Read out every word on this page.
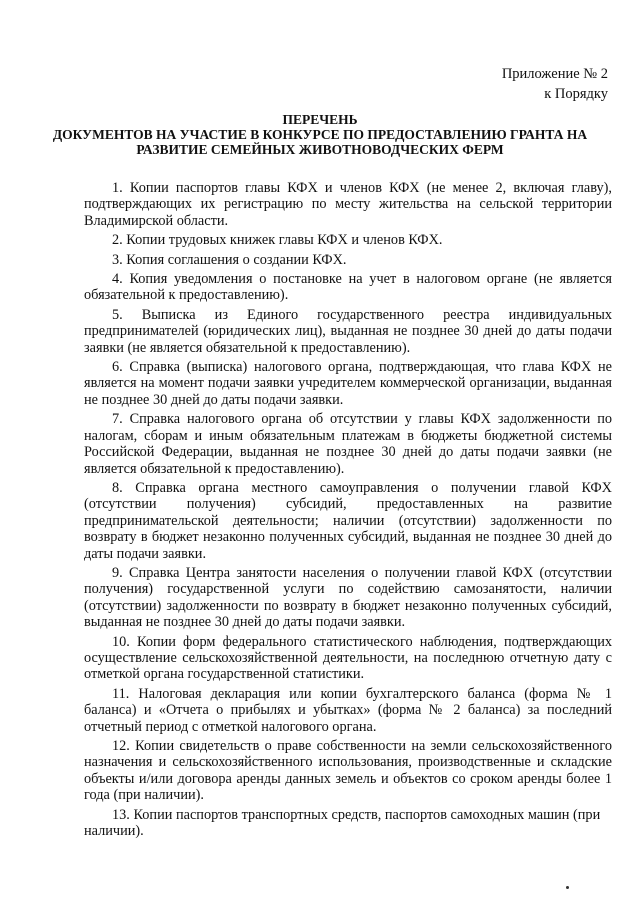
Приложение № 2
к Порядку
ПЕРЕЧЕНЬ
ДОКУМЕНТОВ НА УЧАСТИЕ В КОНКУРСЕ ПО ПРЕДОСТАВЛЕНИЮ ГРАНТА НА
РАЗВИТИЕ СЕМЕЙНЫХ ЖИВОТНОВОДЧЕСКИХ ФЕРМ

1. Копии паспортов главы КФХ и членов КФХ (не менее 2, включая главу), подтверждающих их регистрацию по месту жительства на сельской территории Владимирской области.

2. Копии трудовых книжек главы КФХ и членов КФХ.

3. Копия соглашения о создании КФХ.

4. Копия уведомления о постановке на учет в налоговом органе (не является обязательной к предоставлению).

5. Выписка из Единого государственного реестра индивидуальных предпринимателей (юридических лиц), выданная не позднее 30 дней до даты подачи заявки (не является обязательной к предоставлению).

6. Справка (выписка) налогового органа, подтверждающая, что глава КФХ не является на момент подачи заявки учредителем коммерческой организации, выданная не позднее 30 дней до даты подачи заявки.

7. Справка налогового органа об отсутствии у главы КФХ задолженности по налогам, сборам и иным обязательным платежам в бюджеты бюджетной системы Российской Федерации, выданная не позднее 30 дней до даты подачи заявки (не является обязательной к предоставлению).

8. Справка органа местного самоуправления о получении главой КФХ (отсутствии получения) субсидий, предоставленных на развитие предпринимательской деятельности; наличии (отсутствии) задолженности по возврату в бюджет незаконно полученных субсидий, выданная не позднее 30 дней до даты подачи заявки.

9. Справка Центра занятости населения о получении главой КФХ (отсутствии получения) государственной услуги по содействию самозанятости, наличии (отсутствии) задолженности по возврату в бюджет незаконно полученных субсидий, выданная не позднее 30 дней до даты подачи заявки.

10. Копии форм федерального статистического наблюдения, подтверждающих осуществление сельскохозяйственной деятельности, на последнюю отчетную дату с отметкой органа государственной статистики.

11. Налоговая декларация или копии бухгалтерского баланса (форма № 1 баланса) и «Отчета о прибылях и убытках» (форма № 2 баланса) за последний отчетный период с отметкой налогового органа.

12. Копии свидетельств о праве собственности на земли сельскохозяйственного назначения и сельскохозяйственного использования, производственные и складские объекты и/или договора аренды данных земель и объектов со сроком аренды более 1 года (при наличии).

13. Копии паспортов транспортных средств, паспортов самоходных машин (при наличии).
